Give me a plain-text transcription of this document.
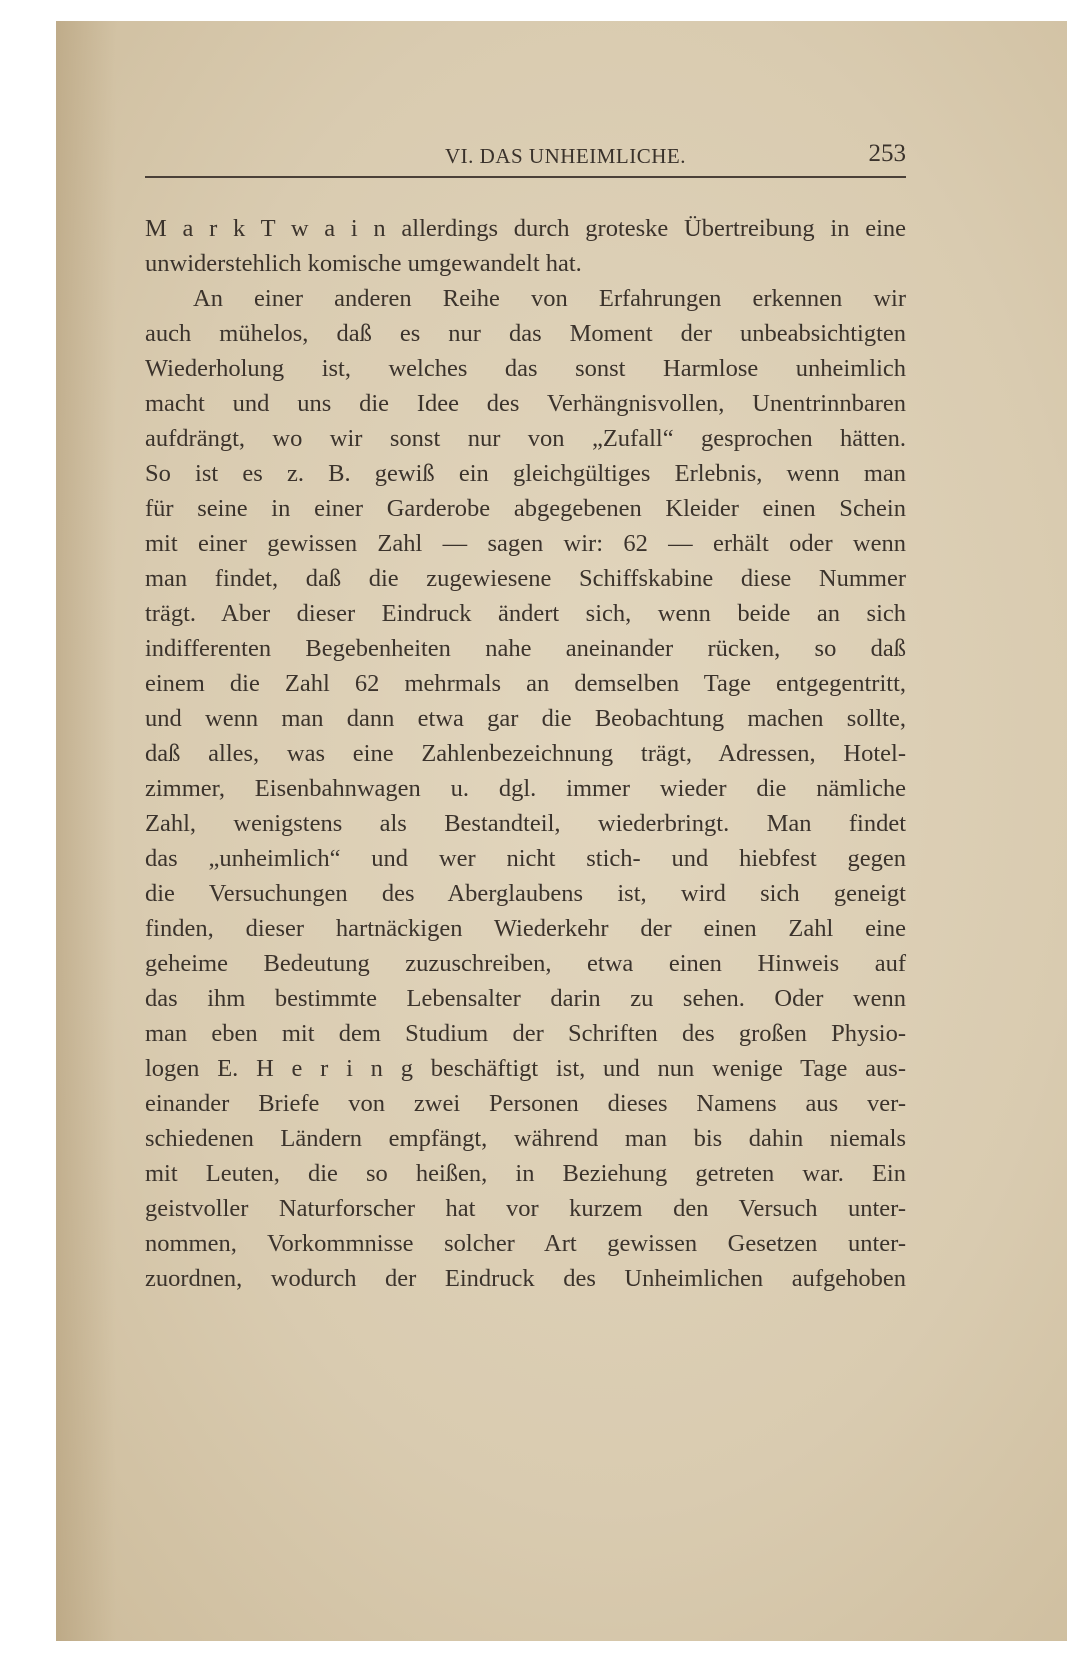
VI. DAS UNHEIMLICHE.	253
M a r k T w a i n allerdings durch groteske Übertreibung in eine
unwiderstehlich komische umgewandelt hat.
An einer anderen Reihe von Erfahrungen erkennen wir
auch mühelos, daß es nur das Moment der unbeabsichtigten
Wiederholung ist, welches das sonst Harmlose unheimlich
macht und uns die Idee des Verhängnisvollen, Unentrinnbaren
aufdrängt, wo wir sonst nur von „Zufall“ gesprochen hätten.
So ist es z. B. gewiß ein gleichgültiges Erlebnis, wenn man
für seine in einer Garderobe abgegebenen Kleider einen Schein
mit einer gewissen Zahl — sagen wir: 62 — erhält oder wenn
man findet, daß die zugewiesene Schiffskabine diese Nummer
trägt. Aber dieser Eindruck ändert sich, wenn beide an sich
indifferenten Begebenheiten nahe aneinander rücken, so daß
einem die Zahl 62 mehrmals an demselben Tage entgegentritt,
und wenn man dann etwa gar die Beobachtung machen sollte,
daß alles, was eine Zahlenbezeichnung trägt, Adressen, Hotel-
zimmer, Eisenbahnwagen u. dgl. immer wieder die nämliche
Zahl, wenigstens als Bestandteil, wiederbringt. Man findet
das „unheimlich“ und wer nicht stich- und hiebfest gegen
die Versuchungen des Aberglaubens ist, wird sich geneigt
finden, dieser hartnäckigen Wiederkehr der einen Zahl eine
geheime Bedeutung zuzuschreiben, etwa einen Hinweis auf
das ihm bestimmte Lebensalter darin zu sehen. Oder wenn
man eben mit dem Studium der Schriften des großen Physio-
logen E. H e r i n g beschäftigt ist, und nun wenige Tage aus-
einander Briefe von zwei Personen dieses Namens aus ver-
schiedenen Ländern empfängt, während man bis dahin niemals
mit Leuten, die so heißen, in Beziehung getreten war. Ein
geistvoller Naturforscher hat vor kurzem den Versuch unter-
nommen, Vorkommnisse solcher Art gewissen Gesetzen unter-
zuordnen, wodurch der Eindruck des Unheimlichen aufgehoben
